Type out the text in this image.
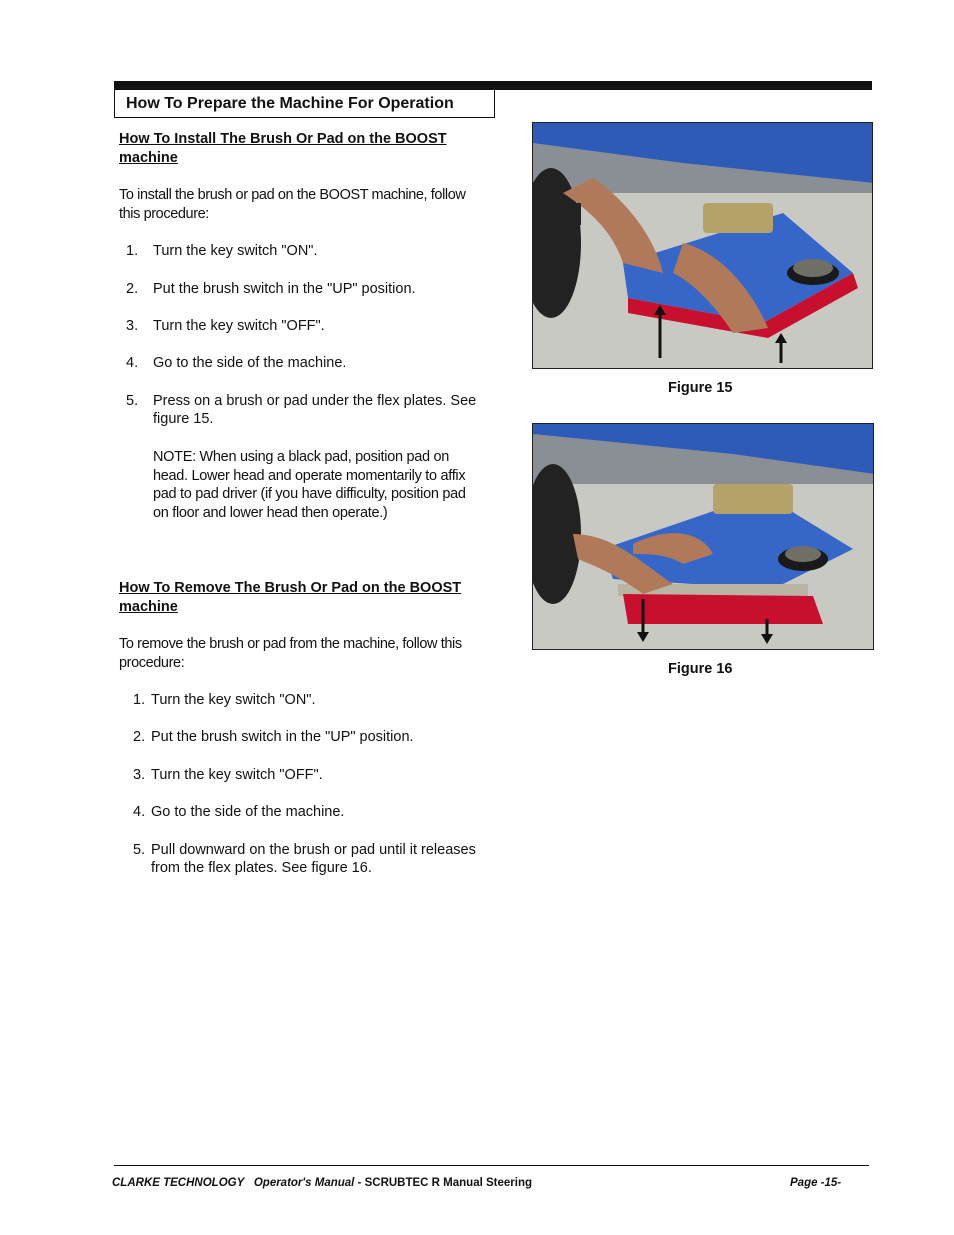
How To Prepare the Machine For Operation
How To Install The Brush Or Pad on the BOOST
machine
To install the brush or pad on the BOOST machine, follow
this procedure:
1. Turn the key switch "ON".
2. Put the brush switch in the "UP" position.
3. Turn the key switch "OFF".
4. Go to the side of the machine.
5. Press on a brush or pad under the flex plates. See
figure 15.
NOTE: When using a black pad, position pad on
head. Lower head and operate momentarily to affix
pad to pad driver (if you have difficulty, position pad
on floor and lower head then operate.)
How To Remove The Brush Or Pad on the BOOST
machine
To remove the brush or pad from the machine, follow this
procedure:
1. Turn the key switch "ON".
2. Put the brush switch in the "UP" position.
3. Turn the key switch "OFF".
4. Go to the side of the machine.
5. Pull downward on the brush or pad until it releases
from the flex plates. See figure 16.
Figure 15
Figure 16
CLARKE TECHNOLOGY Operator's Manual - SCRUBTEC R Manual Steering	Page -15-
